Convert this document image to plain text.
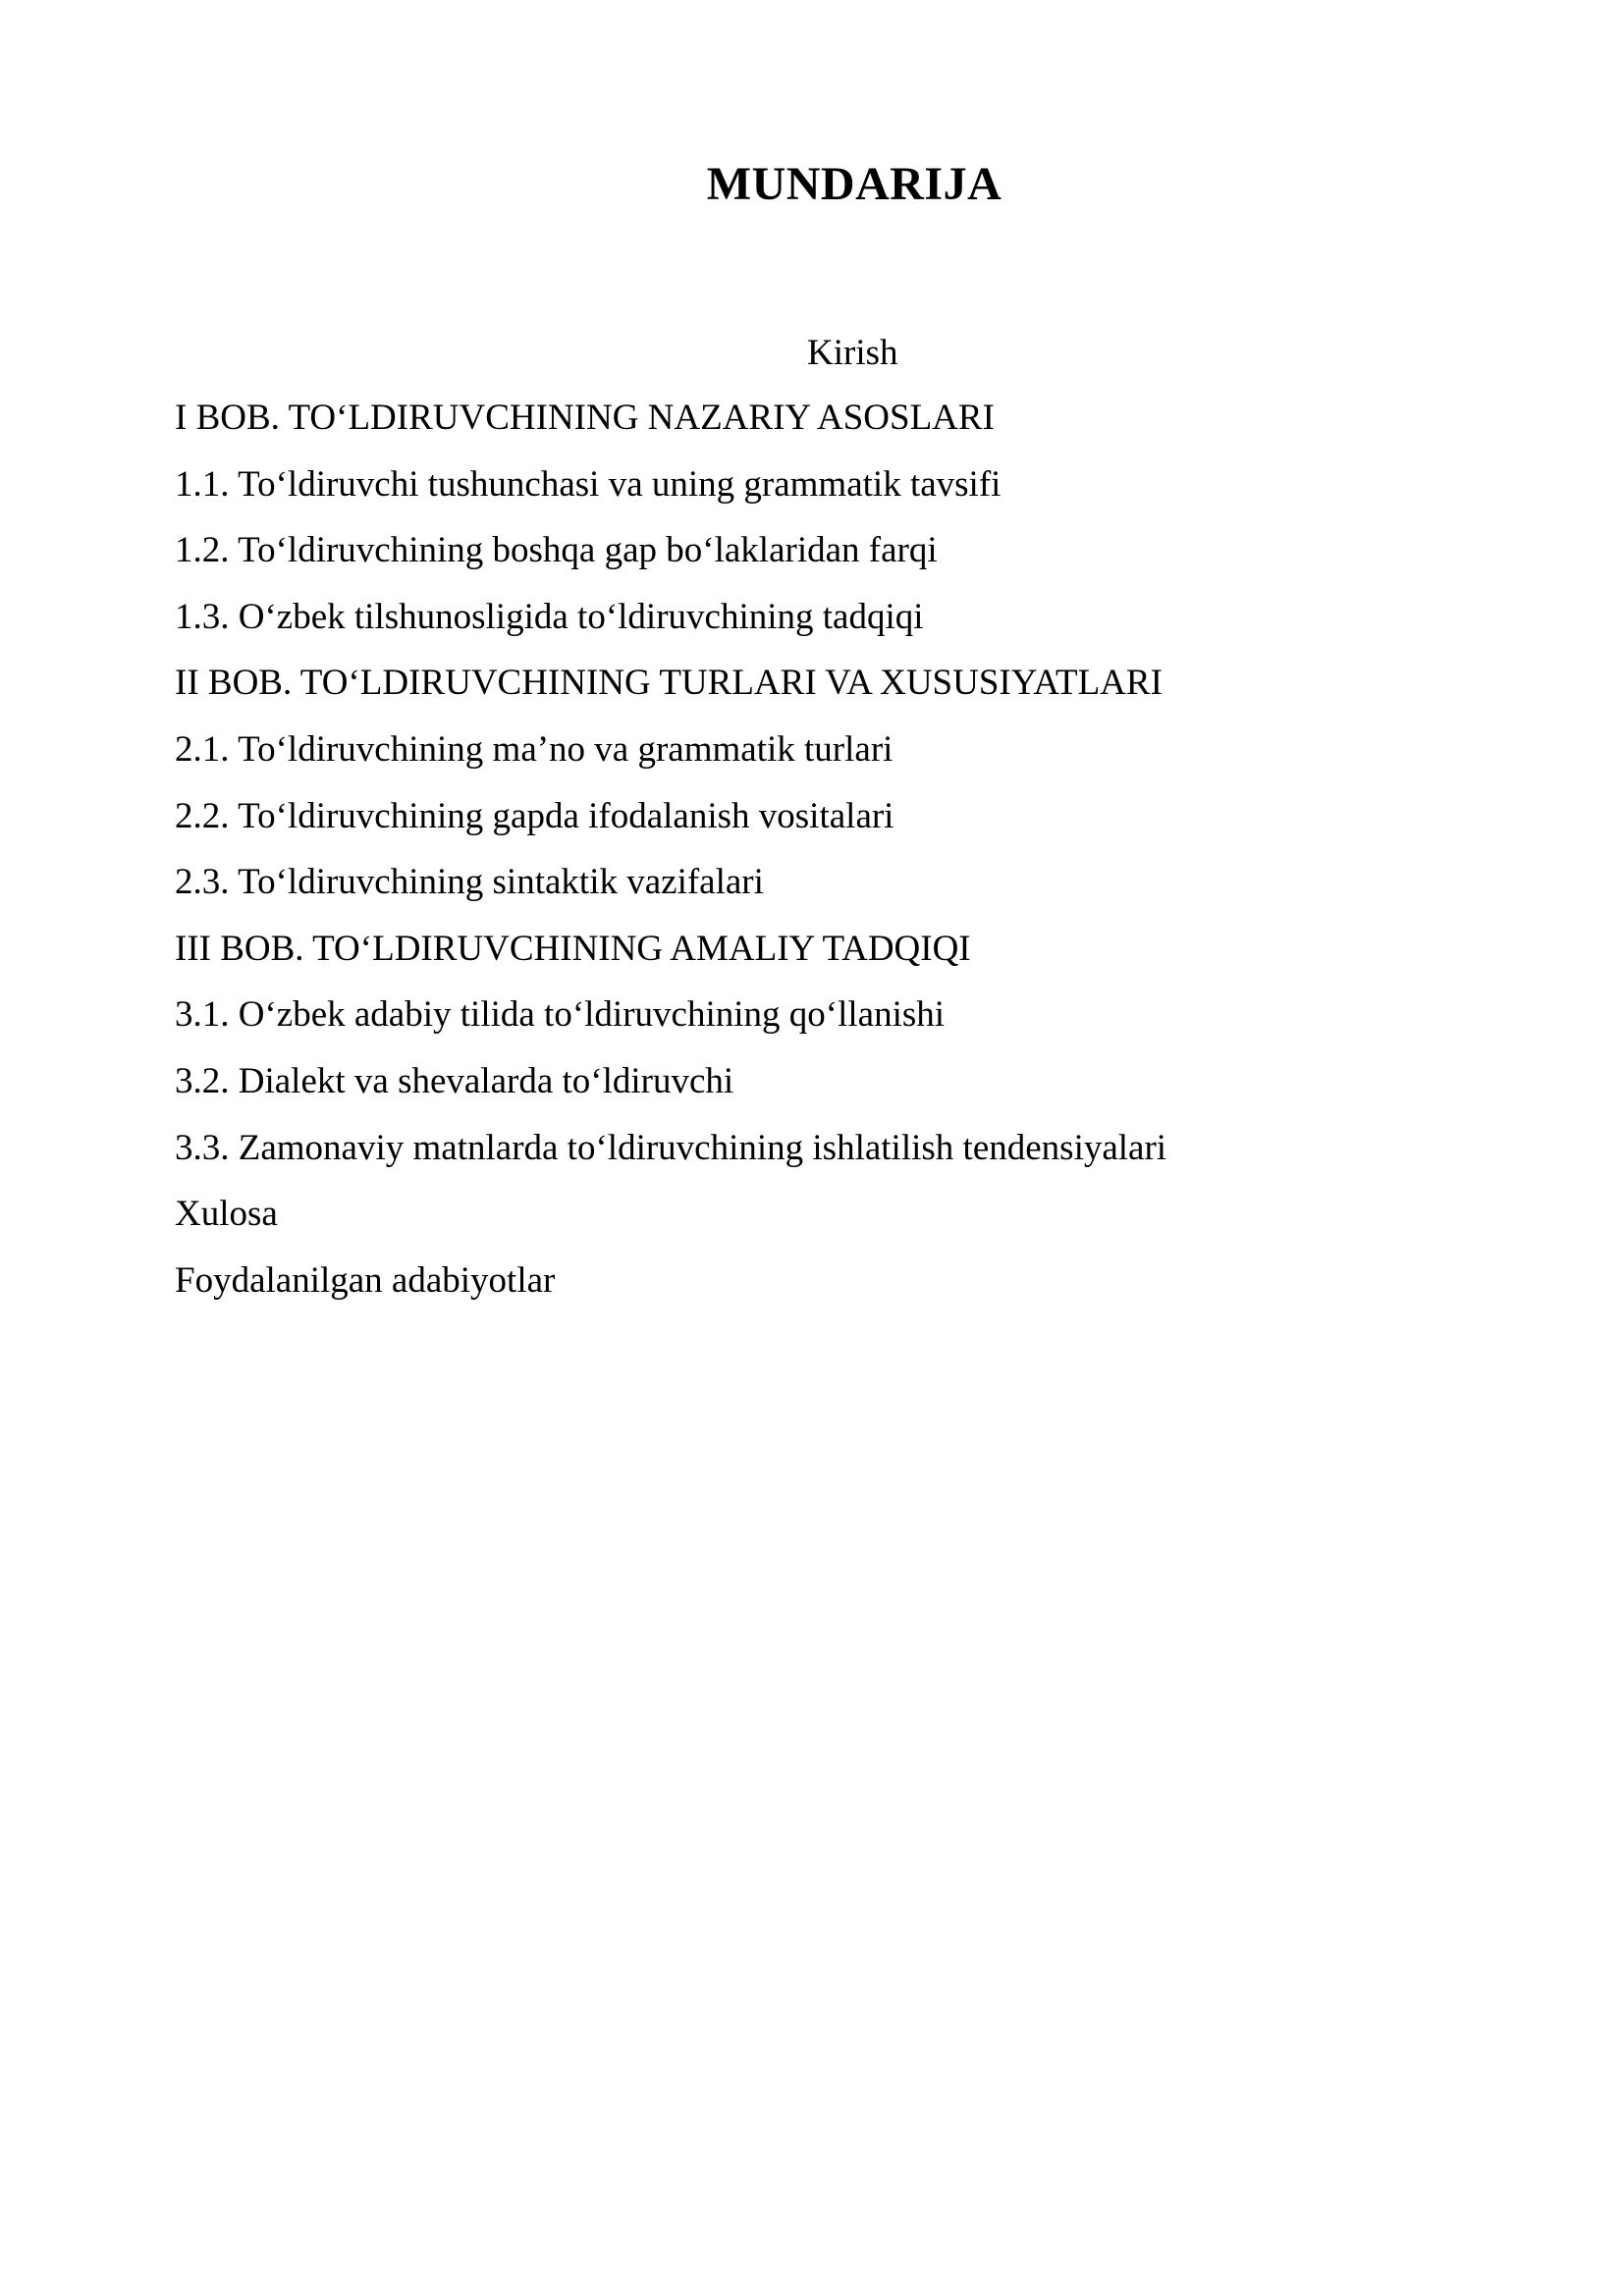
MUNDARIJA
Kirish
I BOB. TO‘LDIRUVCHINING NAZARIY ASOSLARI
1.1. To‘ldiruvchi tushunchasi va uning grammatik tavsifi
1.2. To‘ldiruvchining boshqa gap bo‘laklaridan farqi
1.3. O‘zbek tilshunosligida to‘ldiruvchining tadqiqi
II BOB. TO‘LDIRUVCHINING TURLARI VA XUSUSIYATLARI
2.1. To‘ldiruvchining ma’no va grammatik turlari
2.2. To‘ldiruvchining gapda ifodalanish vositalari
2.3. To‘ldiruvchining sintaktik vazifalari
III BOB. TO‘LDIRUVCHINING AMALIY TADQIQI
3.1. O‘zbek adabiy tilida to‘ldiruvchining qo‘llanishi
3.2. Dialekt va shevalarda to‘ldiruvchi
3.3. Zamonaviy matnlarda to‘ldiruvchining ishlatilish tendensiyalari
Xulosa
Foydalanilgan adabiyotlar
